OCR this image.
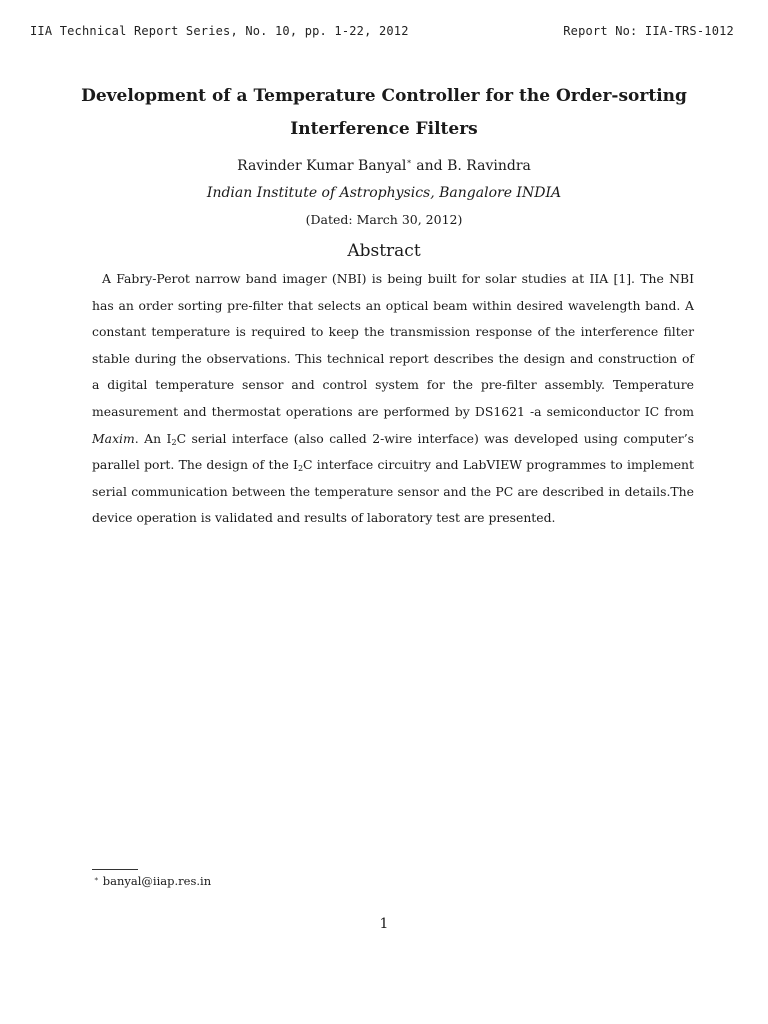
IIA Technical Report Series, No. 10, pp. 1-22, 2012	Report No: IIA-TRS-1012
Development of a Temperature Controller for the Order-sorting Interference Filters
Ravinder Kumar Banyal∗ and B. Ravindra
Indian Institute of Astrophysics, Bangalore INDIA
(Dated: March 30, 2012)
Abstract
A Fabry-Perot narrow band imager (NBI) is being built for solar studies at IIA [1]. The NBI has an order sorting pre-filter that selects an optical beam within desired wavelength band. A constant temperature is required to keep the transmission response of the interference filter stable during the observations. This technical report describes the design and construction of a digital temperature sensor and control system for the pre-filter assembly. Temperature measurement and thermostat operations are performed by DS1621 -a semiconductor IC from Maxim. An $I_2C$ serial interface (also called 2-wire interface) was developed using computer’s parallel port. The design of the $I_2C$ interface circuitry and LabVIEW programmes to implement serial communication between the temperature sensor and the PC are described in details.The device operation is validated and results of laboratory test are presented.
∗ banyal@iiap.res.in
1
